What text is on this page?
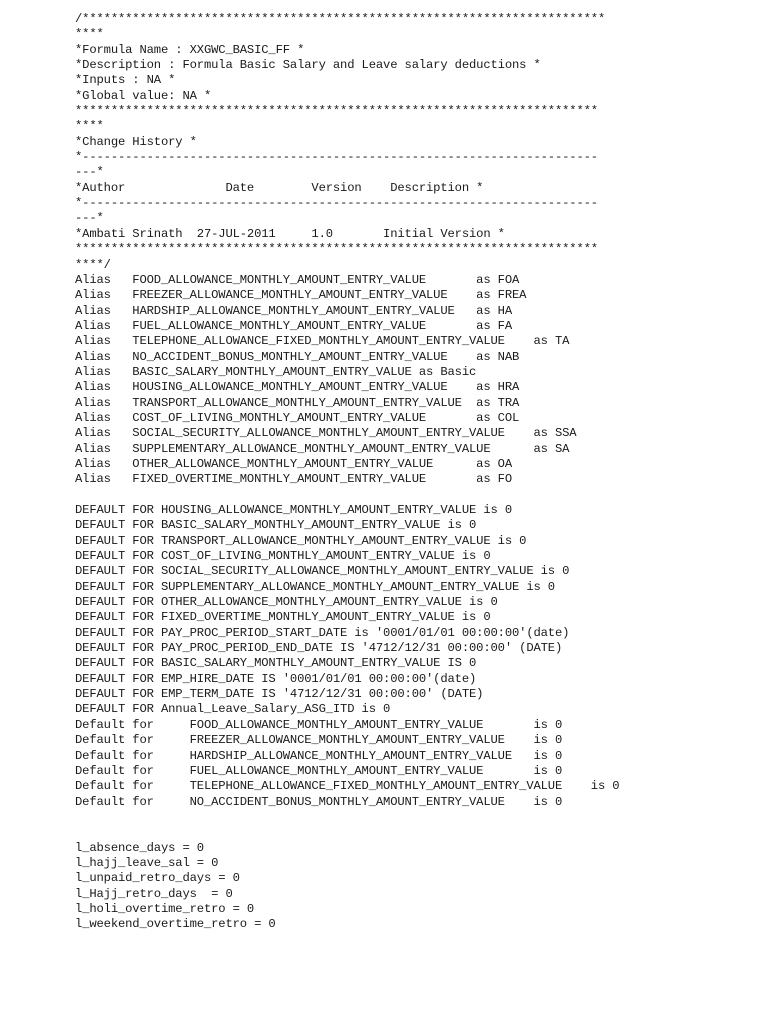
/*************************************************************************
****
*Formula Name : XXGWC_BASIC_FF *
*Description : Formula Basic Salary and Leave salary deductions *
*Inputs : NA *
*Global value: NA *
*************************************************************************
****
*Change History *
*------------------------------------------------------------------------
---*
*Author              Date        Version    Description *
*------------------------------------------------------------------------
---*
*Ambati Srinath  27-JUL-2011     1.0       Initial Version *
*************************************************************************
****/
Alias   FOOD_ALLOWANCE_MONTHLY_AMOUNT_ENTRY_VALUE       as FOA
Alias   FREEZER_ALLOWANCE_MONTHLY_AMOUNT_ENTRY_VALUE    as FREA
Alias   HARDSHIP_ALLOWANCE_MONTHLY_AMOUNT_ENTRY_VALUE   as HA
Alias   FUEL_ALLOWANCE_MONTHLY_AMOUNT_ENTRY_VALUE       as FA
Alias   TELEPHONE_ALLOWANCE_FIXED_MONTHLY_AMOUNT_ENTRY_VALUE    as TA
Alias   NO_ACCIDENT_BONUS_MONTHLY_AMOUNT_ENTRY_VALUE    as NAB
Alias   BASIC_SALARY_MONTHLY_AMOUNT_ENTRY_VALUE as Basic
Alias   HOUSING_ALLOWANCE_MONTHLY_AMOUNT_ENTRY_VALUE    as HRA
Alias   TRANSPORT_ALLOWANCE_MONTHLY_AMOUNT_ENTRY_VALUE  as TRA
Alias   COST_OF_LIVING_MONTHLY_AMOUNT_ENTRY_VALUE       as COL
Alias   SOCIAL_SECURITY_ALLOWANCE_MONTHLY_AMOUNT_ENTRY_VALUE    as SSA
Alias   SUPPLEMENTARY_ALLOWANCE_MONTHLY_AMOUNT_ENTRY_VALUE      as SA
Alias   OTHER_ALLOWANCE_MONTHLY_AMOUNT_ENTRY_VALUE      as OA
Alias   FIXED_OVERTIME_MONTHLY_AMOUNT_ENTRY_VALUE       as FO
DEFAULT FOR HOUSING_ALLOWANCE_MONTHLY_AMOUNT_ENTRY_VALUE is 0
DEFAULT FOR BASIC_SALARY_MONTHLY_AMOUNT_ENTRY_VALUE is 0
DEFAULT FOR TRANSPORT_ALLOWANCE_MONTHLY_AMOUNT_ENTRY_VALUE is 0
DEFAULT FOR COST_OF_LIVING_MONTHLY_AMOUNT_ENTRY_VALUE is 0
DEFAULT FOR SOCIAL_SECURITY_ALLOWANCE_MONTHLY_AMOUNT_ENTRY_VALUE is 0
DEFAULT FOR SUPPLEMENTARY_ALLOWANCE_MONTHLY_AMOUNT_ENTRY_VALUE is 0
DEFAULT FOR OTHER_ALLOWANCE_MONTHLY_AMOUNT_ENTRY_VALUE is 0
DEFAULT FOR FIXED_OVERTIME_MONTHLY_AMOUNT_ENTRY_VALUE is 0
DEFAULT FOR PAY_PROC_PERIOD_START_DATE is '0001/01/01 00:00:00'(date)
DEFAULT FOR PAY_PROC_PERIOD_END_DATE IS '4712/12/31 00:00:00' (DATE)
DEFAULT FOR BASIC_SALARY_MONTHLY_AMOUNT_ENTRY_VALUE IS 0
DEFAULT FOR EMP_HIRE_DATE IS '0001/01/01 00:00:00'(date)
DEFAULT FOR EMP_TERM_DATE IS '4712/12/31 00:00:00' (DATE)
DEFAULT FOR Annual_Leave_Salary_ASG_ITD is 0
Default for     FOOD_ALLOWANCE_MONTHLY_AMOUNT_ENTRY_VALUE       is 0
Default for     FREEZER_ALLOWANCE_MONTHLY_AMOUNT_ENTRY_VALUE    is 0
Default for     HARDSHIP_ALLOWANCE_MONTHLY_AMOUNT_ENTRY_VALUE   is 0
Default for     FUEL_ALLOWANCE_MONTHLY_AMOUNT_ENTRY_VALUE       is 0
Default for     TELEPHONE_ALLOWANCE_FIXED_MONTHLY_AMOUNT_ENTRY_VALUE    is 0
Default for     NO_ACCIDENT_BONUS_MONTHLY_AMOUNT_ENTRY_VALUE    is 0
l_absence_days = 0
l_hajj_leave_sal = 0
l_unpaid_retro_days = 0
l_Hajj_retro_days  = 0
l_holi_overtime_retro = 0
l_weekend_overtime_retro = 0
